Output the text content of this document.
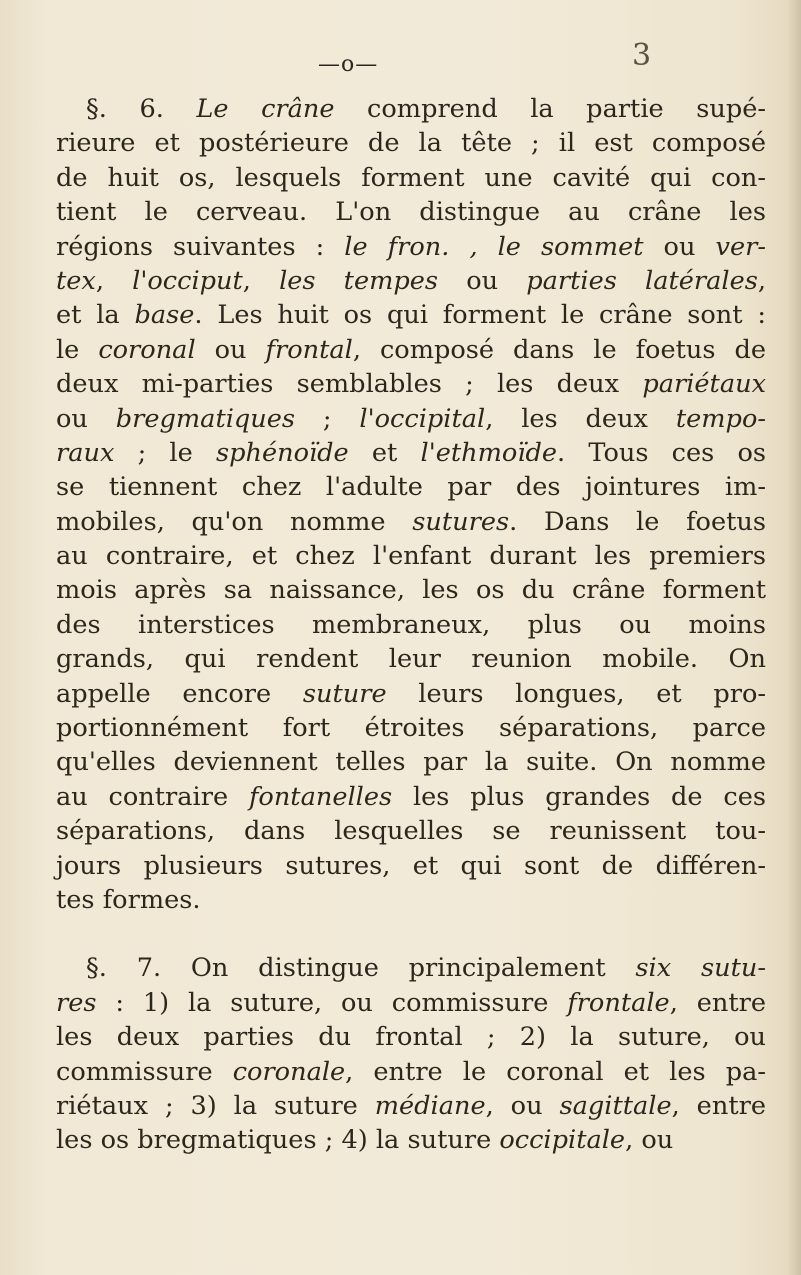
—o—	3
§. 6. Le crâne comprend la partie supé-
rieure et postérieure de la tête ; il est composé
de huit os, lesquels forment une cavité qui con-
tient le cerveau. L'on distingue au crâne les
régions suivantes : le fron. , le sommet ou ver-
tex, l'occiput, les tempes ou parties latérales,
et la base. Les huit os qui forment le crâne sont :
le coronal ou frontal, composé dans le foetus de
deux mi-parties semblables ; les deux pariétaux
ou bregmatiques ; l'occipital, les deux tempo-
raux ; le sphénoïde et l'ethmoïde. Tous ces os
se tiennent chez l'adulte par des jointures im-
mobiles, qu'on nomme sutures. Dans le foetus
au contraire, et chez l'enfant durant les premiers
mois après sa naissance, les os du crâne forment
des interstices membraneux, plus ou moins
grands, qui rendent leur reunion mobile. On
appelle encore suture leurs longues, et pro-
portionnément fort étroites séparations, parce
qu'elles deviennent telles par la suite. On nomme
au contraire fontanelles les plus grandes de ces
séparations, dans lesquelles se reunissent tou-
jours plusieurs sutures, et qui sont de différen-
tes formes.
§. 7. On distingue principalement six sutu-
res : 1) la suture, ou commissure frontale, entre
les deux parties du frontal ; 2) la suture, ou
commissure coronale, entre le coronal et les pa-
riétaux ; 3) la suture médiane, ou sagittale, entre
les os bregmatiques ; 4) la suture occipitale, ou
